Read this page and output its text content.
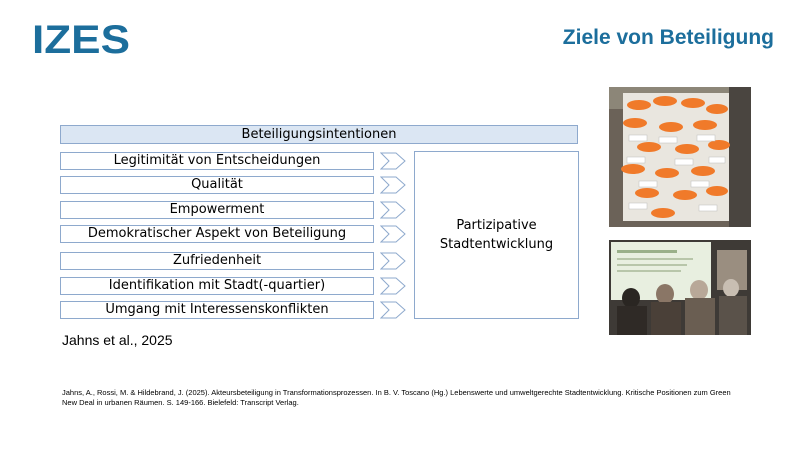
IZES	Ziele von Beteiligung
Beteiligungsintentionen
Legitimität von Entscheidungen
Qualität
Empowerment
Demokratischer Aspekt von Beteiligung
Zufriedenheit
Identifikation mit Stadt(-quartier)
Umgang mit Interessenskonflikten
Partizipative
Stadtentwicklung
Jahns et al., 2025
Jahns, A., Rossi, M. & Hildebrand, J. (2025). Akteursbeteiligung in Transformationsprozessen. In B. V. Toscano (Hg.) Lebenswerte und umweltgerechte Stadtentwicklung. Kritische Positionen zum Green New Deal in urbanen Räumen. S. 149-166. Bielefeld: Transcript Verlag.
